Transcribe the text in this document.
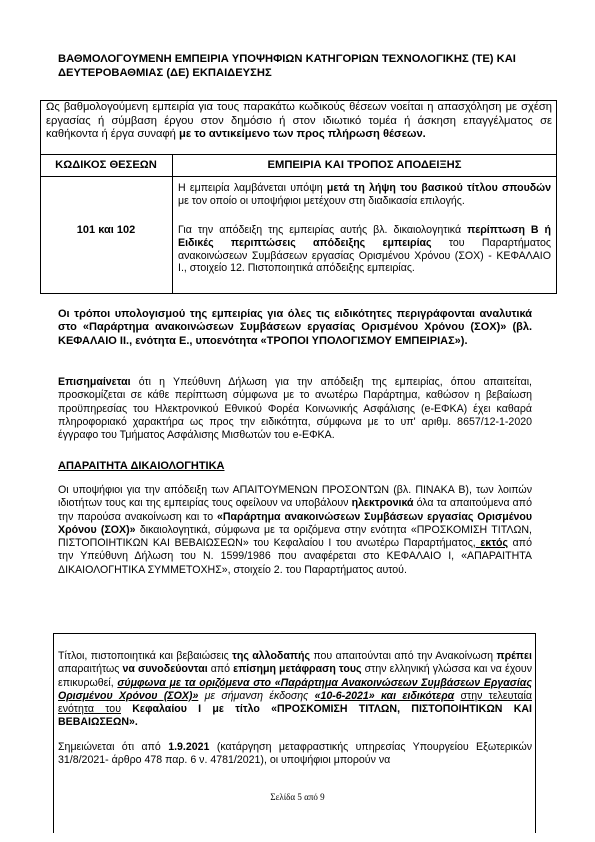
ΒΑΘΜΟΛΟΓΟΥΜΕΝΗ ΕΜΠΕΙΡΙΑ ΥΠΟΨΗΦΙΩΝ ΚΑΤΗΓΟΡΙΩΝ ΤΕΧΝΟΛΟΓΙΚΗΣ (ΤΕ) ΚΑΙ ΔΕΥΤΕΡΟΒΑΘΜΙΑΣ (ΔΕ) ΕΚΠΑΙΔΕΥΣΗΣ
Ως βαθμολογούμενη εμπειρία για τους παρακάτω κωδικούς θέσεων νοείται η απασχόληση με σχέση εργασίας ή σύμβαση έργου στον δημόσιο ή στον ιδιωτικό τομέα ή άσκηση επαγγέλματος σε καθήκοντα ή έργα συναφή με το αντικείμενο των προς πλήρωση θέσεων.
ΚΩΔΙΚΟΣ ΘΕΣΕΩΝ	ΕΜΠΕΙΡΙΑ ΚΑΙ ΤΡΟΠΟΣ ΑΠΟΔΕΙΞΗΣ
101 και 102
Η εμπειρία λαμβάνεται υπόψη μετά τη λήψη του βασικού τίτλου σπουδών με τον οποίο οι υποψήφιοι μετέχουν στη διαδικασία επιλογής.
Για την απόδειξη της εμπειρίας αυτής βλ. δικαιολογητικά περίπτωση Β ή Ειδικές περιπτώσεις απόδειξης εμπειρίας του Παραρτήματος ανακοινώσεων Συμβάσεων εργασίας Ορισμένου Χρόνου (ΣΟΧ) - ΚΕΦΑΛΑΙΟ Ι., στοιχείο 12. Πιστοποιητικά απόδειξης εμπειρίας.
Οι τρόποι υπολογισμού της εμπειρίας για όλες τις ειδικότητες περιγράφονται αναλυτικά στο «Παράρτημα ανακοινώσεων Συμβάσεων εργασίας Ορισμένου Χρόνου (ΣΟΧ)» (βλ. ΚΕΦΑΛΑΙΟ ΙΙ., ενότητα Ε., υποενότητα «ΤΡΟΠΟΙ ΥΠΟΛΟΓΙΣΜΟΥ ΕΜΠΕΙΡΙΑΣ»).
Επισημαίνεται ότι η Υπεύθυνη Δήλωση για την απόδειξη της εμπειρίας, όπου απαιτείται, προσκομίζεται σε κάθε περίπτωση σύμφωνα με το ανωτέρω Παράρτημα, καθώσον η βεβαίωση προϋπηρεσίας του Ηλεκτρονικού Εθνικού Φορέα Κοινωνικής Ασφάλισης (e-ΕΦΚΑ) έχει καθαρά πληροφοριακό χαρακτήρα ως προς την ειδικότητα, σύμφωνα με το υπ' αριθμ. 8657/12-1-2020 έγγραφο του Τμήματος Ασφάλισης Μισθωτών του e-ΕΦΚΑ.
ΑΠΑΡΑΙΤΗΤΑ ΔΙΚΑΙΟΛΟΓΗΤΙΚΑ
Οι υποψήφιοι για την απόδειξη των ΑΠΑΙΤΟΥΜΕΝΩΝ ΠΡΟΣΟΝΤΩΝ (βλ. ΠΙΝΑΚΑ Β), των λοιπών ιδιοτήτων τους και της εμπειρίας τους οφείλουν να υποβάλουν ηλεκτρονικά όλα τα απαιτούμενα από την παρούσα ανακοίνωση και το «Παράρτημα ανακοινώσεων Συμβάσεων εργασίας Ορισμένου Χρόνου (ΣΟΧ)» δικαιολογητικά, σύμφωνα με τα οριζόμενα στην ενότητα «ΠΡΟΣΚΟΜΙΣΗ ΤΙΤΛΩΝ, ΠΙΣΤΟΠΟΙΗΤΙΚΩΝ ΚΑΙ ΒΕΒΑΙΩΣΕΩΝ» του Κεφαλαίου Ι του ανωτέρω Παραρτήματος, εκτός από την Υπεύθυνη Δήλωση του Ν. 1599/1986 που αναφέρεται στο ΚΕΦΑΛΑΙΟ Ι, «ΑΠΑΡΑΙΤΗΤΑ ΔΙΚΑΙΟΛΟΓΗΤΙΚΑ ΣΥΜΜΕΤΟΧΗΣ», στοιχείο 2. του Παραρτήματος αυτού.
Τίτλοι, πιστοποιητικά και βεβαιώσεις της αλλοδαπής που απαιτούνται από την Ανακοίνωση πρέπει απαραιτήτως να συνοδεύονται από επίσημη μετάφραση τους στην ελληνική γλώσσα και να έχουν επικυρωθεί, σύμφωνα με τα οριζόμενα στο «Παράρτημα Ανακοινώσεων Συμβάσεων Εργασίας Ορισμένου Χρόνου (ΣΟΧ)» με σήμανση έκδοσης «10-6-2021» και ειδικότερα στην τελευταία ενότητα του Κεφαλαίου Ι με τίτλο «ΠΡΟΣΚΟΜΙΣΗ ΤΙΤΛΩΝ, ΠΙΣΤΟΠΟΙΗΤΙΚΩΝ ΚΑΙ ΒΕΒΑΙΩΣΕΩΝ».
Σημειώνεται ότι από 1.9.2021 (κατάργηση μεταφραστικής υπηρεσίας Υπουργείου Εξωτερικών 31/8/2021- άρθρο 478 παρ. 6 ν. 4781/2021), οι υποψήφιοι μπορούν να
Σελίδα 5 από 9
